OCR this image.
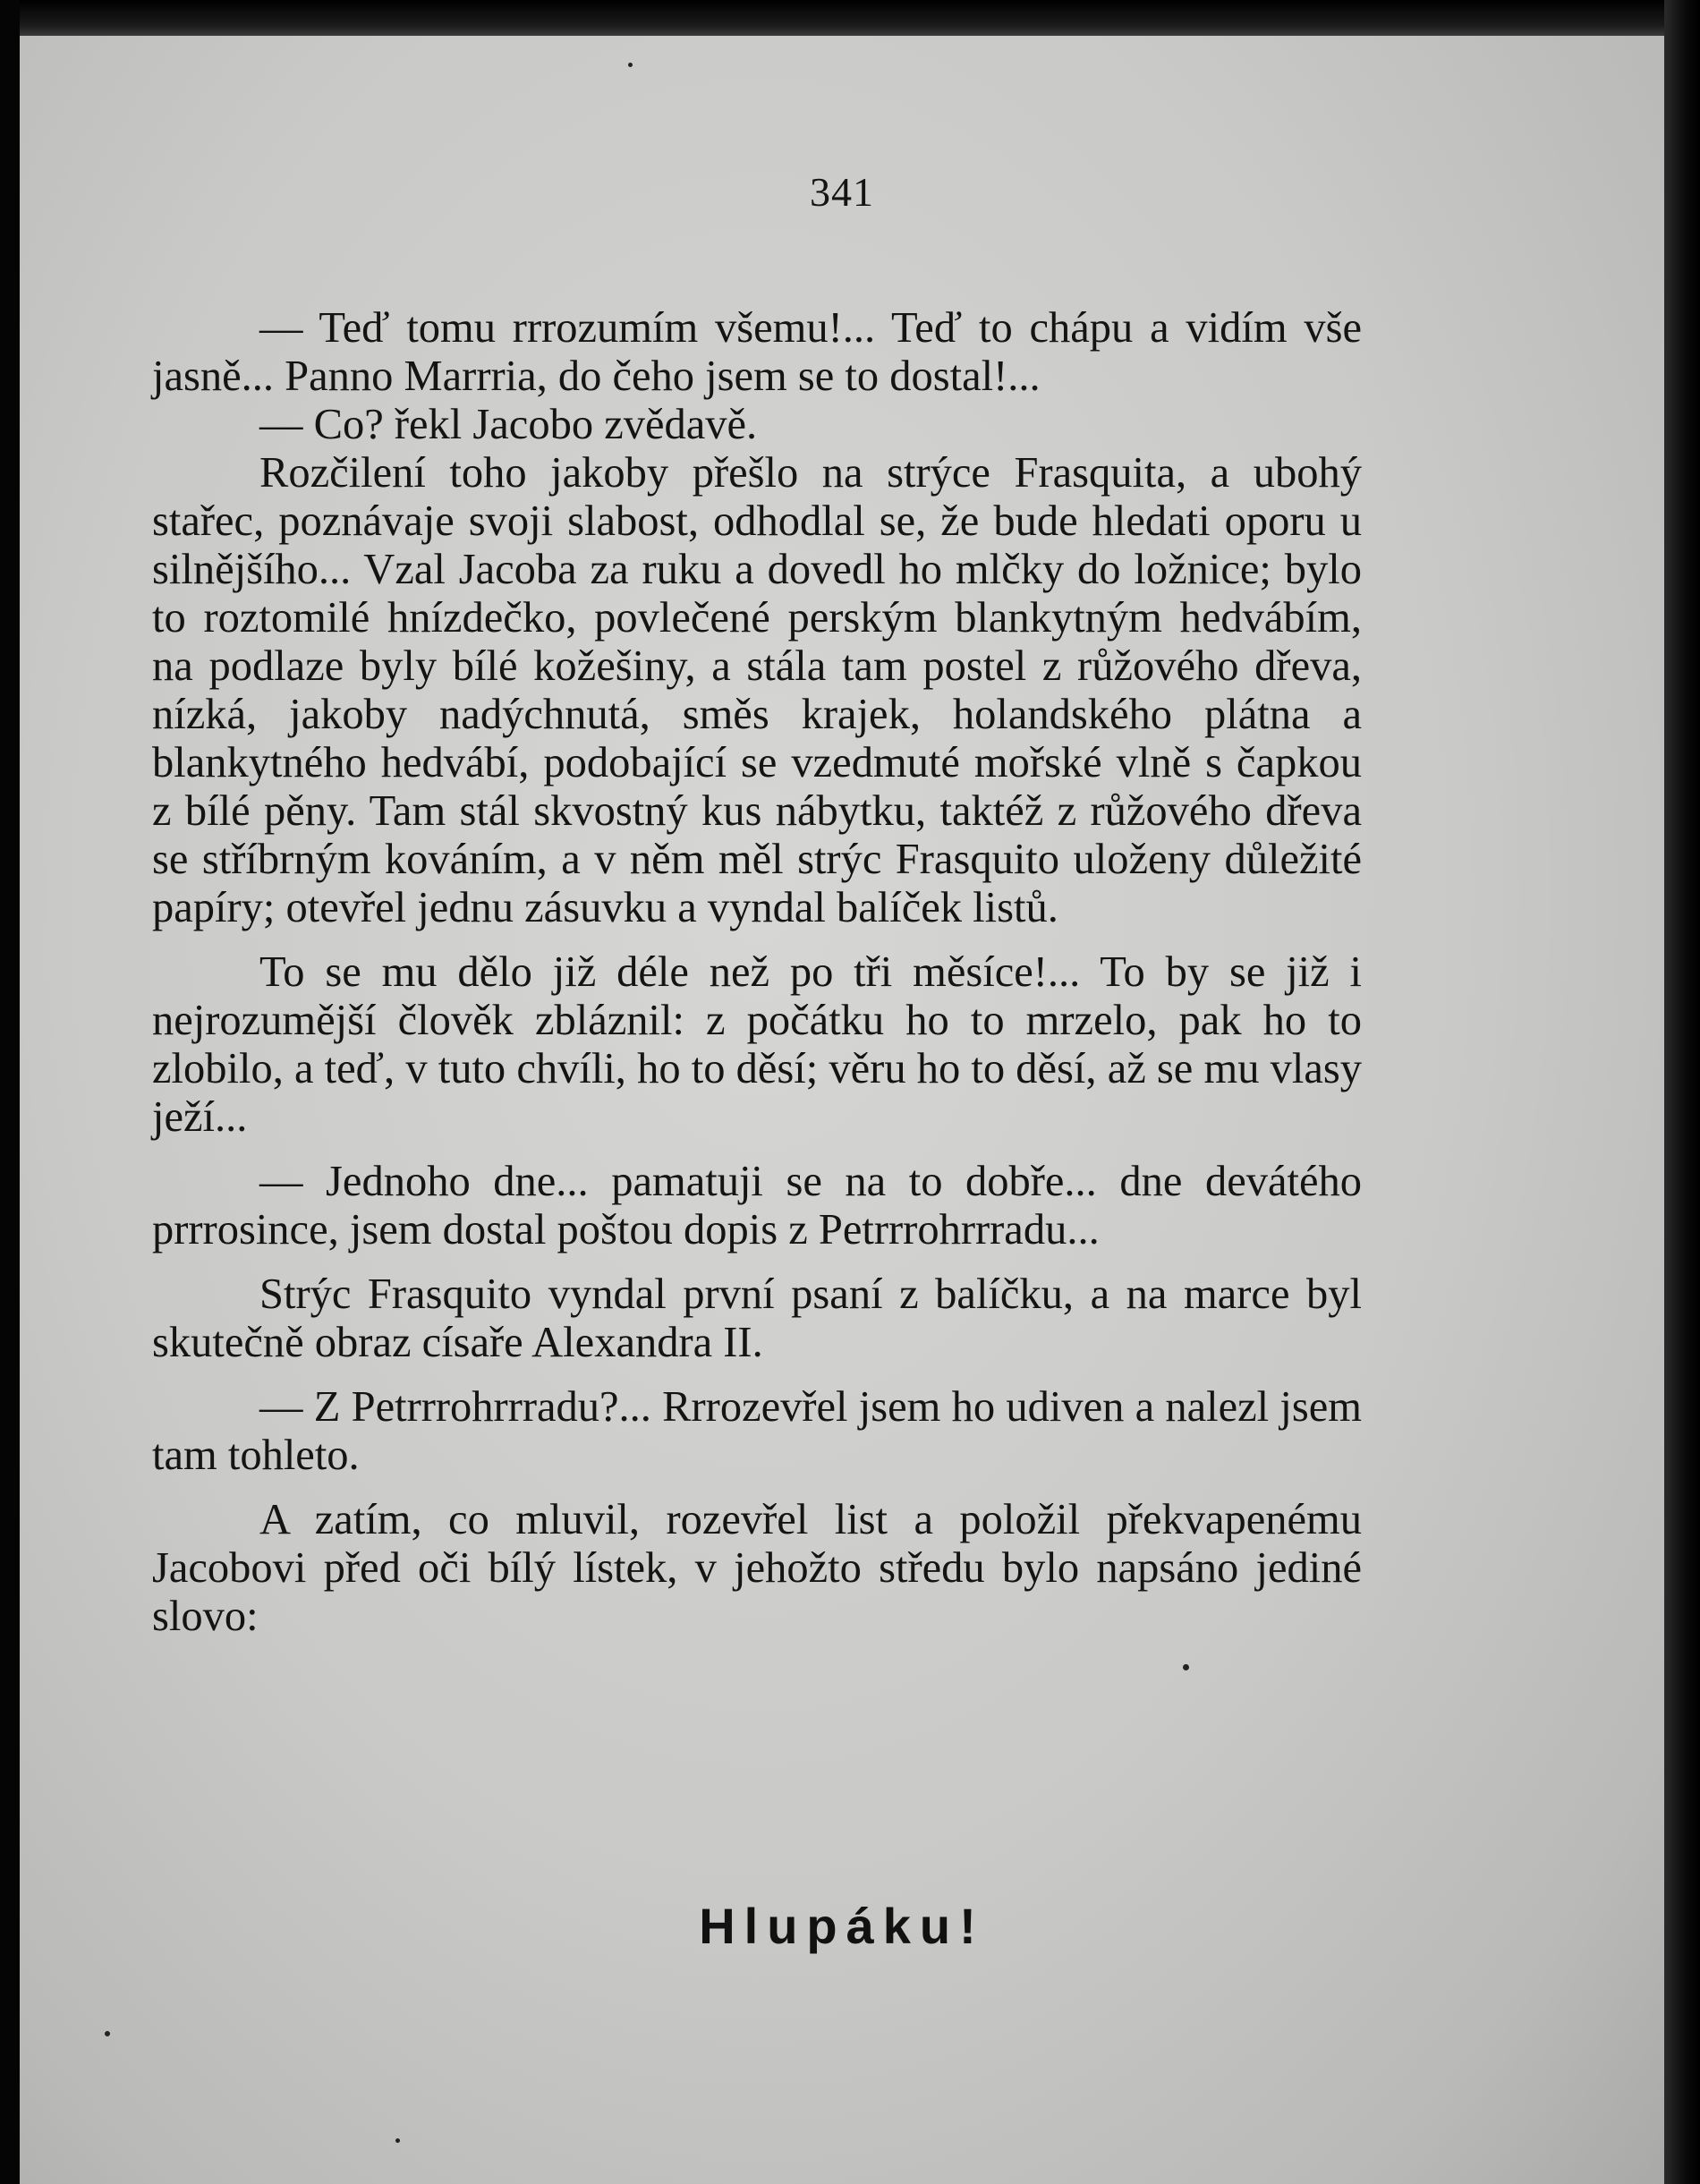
341

— Teď tomu rrrozumím všemu!... Teď to chápu a vidím vše jasně... Panno Marrria, do čeho jsem se to dostal!...

— Co? řekl Jacobo zvědavě.

Rozčilení toho jakoby přešlo na strýce Frasquita, a ubohý stařec, poznávaje svoji slabost, odhodlal se, že bude hledati oporu u silnějšího... Vzal Jacoba za ruku a dovedl ho mlčky do ložnice; bylo to roztomilé hnízdečko, povlečené perským blankytným hedvábím, na podlaze byly bílé kožešiny, a stála tam postel z růžového dřeva, nízká, jakoby nadýchnutá, směs krajek, holandského plátna a blankytného hedvábí, podobající se vzedmuté mořské vlně s čapkou z bílé pěny. Tam stál skvostný kus nábytku, taktéž z růžového dřeva se stříbrným kováním, a v něm měl strýc Frasquito uloženy důležité papíry; otevřel jednu zásuvku a vyndal balíček listů.

To se mu dělo již déle než po tři měsíce!... To by se již i nejrozumější člověk zbláznil: z počátku ho to mrzelo, pak ho to zlobilo, a teď, v tuto chvíli, ho to děsí; věru ho to děsí, až se mu vlasy ježí...

— Jednoho dne... pamatuji se na to dobře... dne devátého prrrosince, jsem dostal poštou dopis z Petrrrohrrradu...

Strýc Frasquito vyndal první psaní z balíčku, a na marce byl skutečně obraz císaře Alexandra II.

— Z Petrrrohrrradu?... Rrrozevřel jsem ho udiven a nalezl jsem tam tohleto.

A zatím, co mluvil, rozevřel list a položil překvapenému Jacobovi před oči bílý lístek, v jehožto středu bylo napsáno jediné slovo:

Hlupáku!
